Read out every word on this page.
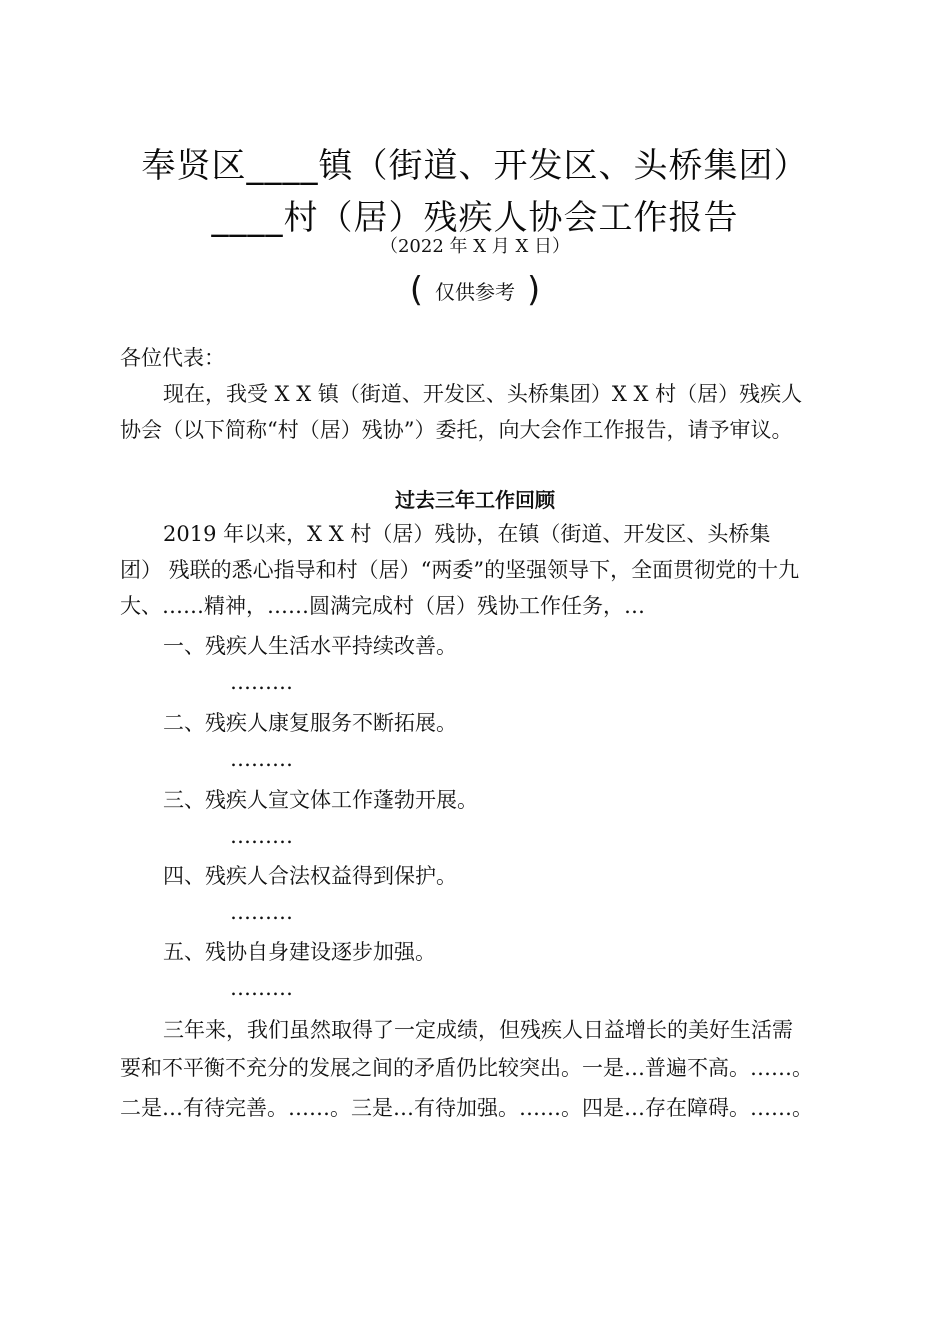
奉贤区____镇（街道、开发区、头桥集团）
____村（居）残疾人协会工作报告
（2022 年 X 月 X 日）
( 仅供参考 )
各位代表：
现在，我受 X X 镇（街道、开发区、头桥集团）X X 村（居）残疾人
协会（以下简称“村（居）残协”）委托，向大会作工作报告，请予审议。
过去三年工作回顾
2019 年以来，X X 村（居）残协，在镇（街道、开发区、头桥集
团） 残联的悉心指导和村（居）“两委”的坚强领导下，全面贯彻党的十九
大、……精神，……圆满完成村（居）残协工作任务，…
一、残疾人生活水平持续改善。
………
二、残疾人康复服务不断拓展。
………
三、残疾人宣文体工作蓬勃开展。
………
四、残疾人合法权益得到保护。
………
五、残协自身建设逐步加强。
………
三年来，我们虽然取得了一定成绩，但残疾人日益增长的美好生活需
要和不平衡不充分的发展之间的矛盾仍比较突出。一是…普遍不高。……。
二是…有待完善。……。三是…有待加强。……。四是…存在障碍。……。
